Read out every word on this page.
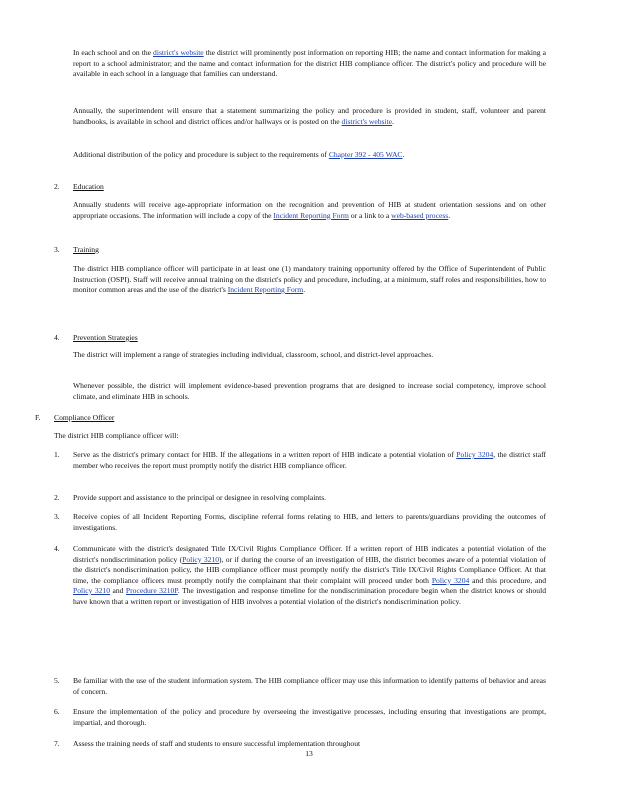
In each school and on the district's website the district will prominently post information on reporting HIB; the name and contact information for making a report to a school administrator; and the name and contact information for the district HIB compliance officer. The district's policy and procedure will be available in each school in a language that families can understand.
Annually, the superintendent will ensure that a statement summarizing the policy and procedure is provided in student, staff, volunteer and parent handbooks, is available in school and district offices and/or hallways or is posted on the district's website.
Additional distribution of the policy and procedure is subject to the requirements of Chapter 392 - 405 WAC.
2. Education
Annually students will receive age-appropriate information on the recognition and prevention of HIB at student orientation sessions and on other appropriate occasions. The information will include a copy of the Incident Reporting Form or a link to a web-based process.
3. Training
The district HIB compliance officer will participate in at least one (1) mandatory training opportunity offered by the Office of Superintendent of Public Instruction (OSPI). Staff will receive annual training on the district's policy and procedure, including, at a minimum, staff roles and responsibilities, how to monitor common areas and the use of the district's Incident Reporting Form.
4. Prevention Strategies
The district will implement a range of strategies including individual, classroom, school, and district-level approaches.
Whenever possible, the district will implement evidence-based prevention programs that are designed to increase social competency, improve school climate, and eliminate HIB in schools.
F. Compliance Officer
The district HIB compliance officer will:
1. Serve as the district's primary contact for HIB. If the allegations in a written report of HIB indicate a potential violation of Policy 3204, the district staff member who receives the report must promptly notify the district HIB compliance officer.
2. Provide support and assistance to the principal or designee in resolving complaints.
3. Receive copies of all Incident Reporting Forms, discipline referral forms relating to HIB, and letters to parents/guardians providing the outcomes of investigations.
4. Communicate with the district's designated Title IX/Civil Rights Compliance Officer. If a written report of HIB indicates a potential violation of the district's nondiscrimination policy (Policy 3210), or if during the course of an investigation of HIB, the district becomes aware of a potential violation of the district's nondiscrimination policy, the HIB compliance officer must promptly notify the district's Title IX/Civil Rights Compliance Officer. At that time, the compliance officers must promptly notify the complainant that their complaint will proceed under both Policy 3204 and this procedure, and Policy 3210 and Procedure 3210P. The investigation and response timeline for the nondiscrimination procedure begin when the district knows or should have known that a written report or investigation of HIB involves a potential violation of the district's nondiscrimination policy.
5. Be familiar with the use of the student information system. The HIB compliance officer may use this information to identify patterns of behavior and areas of concern.
6. Ensure the implementation of the policy and procedure by overseeing the investigative processes, including ensuring that investigations are prompt, impartial, and thorough.
7. Assess the training needs of staff and students to ensure successful implementation throughout
13
